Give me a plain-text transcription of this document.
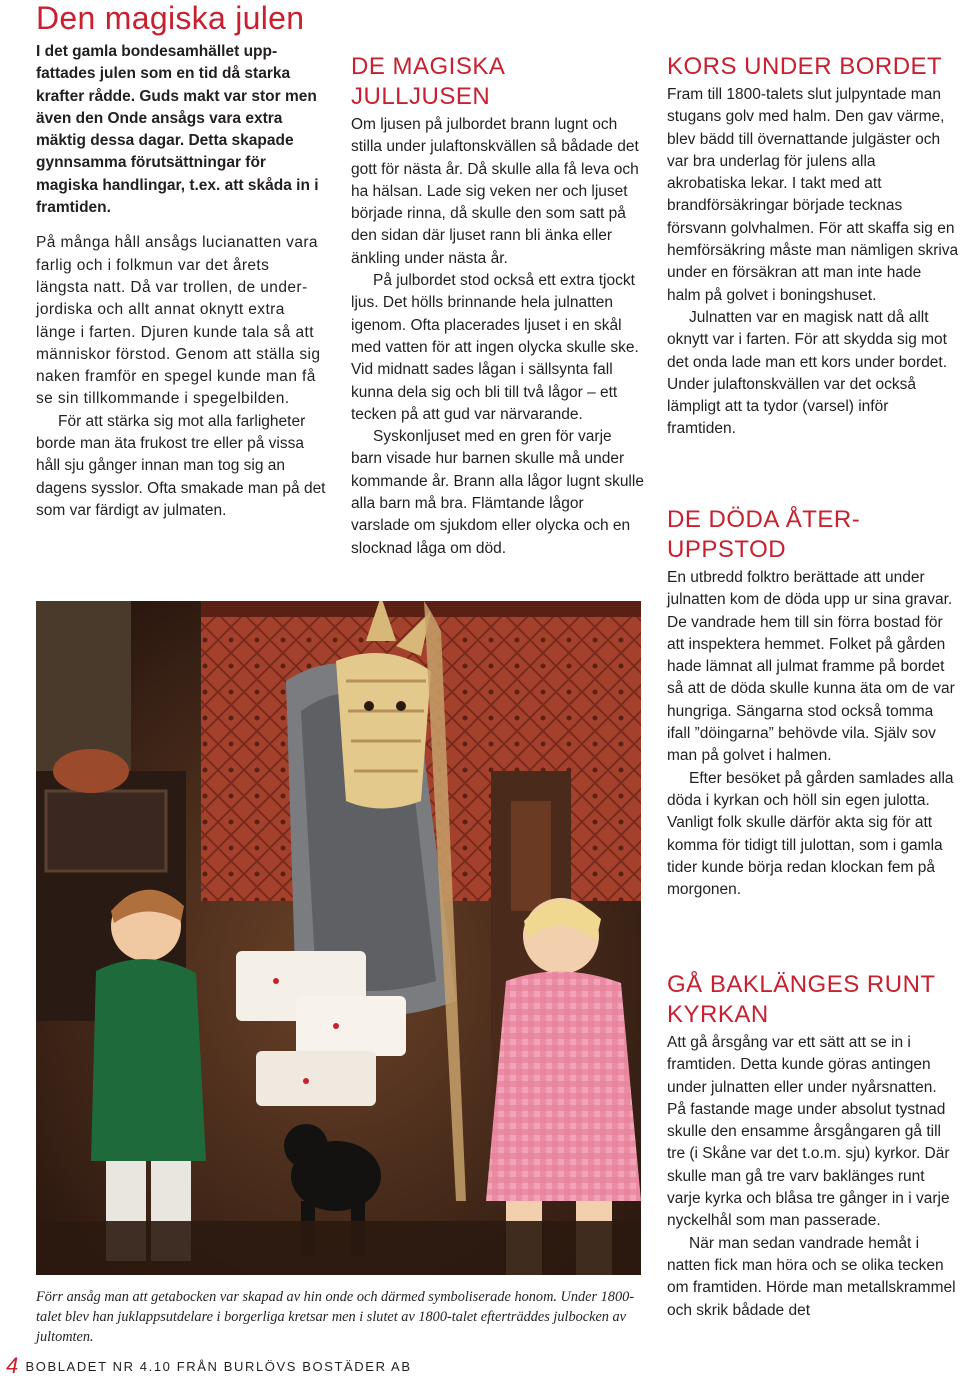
Den magiska julen

I det gamla bondesamhället uppfattades julen som en tid då starka krafter rådde. Guds makt var stor men även den Onde ansågs vara extra mäktig dessa dagar. Detta skapade gynnsamma förutsättningar för magiska handlingar, t.ex. att skåda in i framtiden.

På många håll ansågs lucianatten vara farlig och i folkmun var det årets längsta natt. Då var trollen, de underjordiska och allt annat oknytt extra länge i farten. Djuren kunde tala så att människor förstod. Genom att ställa sig naken framför en spegel kunde man få se sin tillkommande i spegelbilden.

För att stärka sig mot alla farligheter borde man äta frukost tre eller på vissa håll sju gånger innan man tog sig an dagens sysslor. Ofta smakade man på det som var färdigt av julmaten.

DE MAGISKA JULLJUSEN

Om ljusen på julbordet brann lugnt och stilla under julaftonskvällen så bådade det gott för nästa år. Då skulle alla få leva och ha hälsan. Lade sig veken ner och ljuset började rinna, då skulle den som satt på den sidan där ljuset rann bli änka eller änkling under nästa år.

På julbordet stod också ett extra tjockt ljus. Det hölls brinnande hela julnatten igenom. Ofta placerades ljuset i en skål med vatten för att ingen olycka skulle ske. Vid midnatt sades lågan i sällsynta fall kunna dela sig och bli till två lågor – ett tecken på att gud var närvarande.

Syskonljuset med en gren för varje barn visade hur barnen skulle må under kommande år. Brann alla lågor lugnt skulle alla barn må bra. Flämtande lågor varslade om sjukdom eller olycka och en slocknad låga om död.

KORS UNDER BORDET

Fram till 1800-talets slut julpyntade man stugans golv med halm. Den gav värme, blev bädd till övernattande julgäster och var bra underlag för julens alla akrobatiska lekar. I takt med att brandförsäkringar började tecknas försvann golvhalmen. För att skaffa sig en hemförsäkring måste man nämligen skriva under en försäkran att man inte hade halm på golvet i boningshuset.

Julnatten var en magisk natt då allt oknytt var i farten. För att skydda sig mot det onda lade man ett kors under bordet. Under julaftonskvällen var det också lämpligt att ta tydor (varsel) inför framtiden.

DE DÖDA ÅTERUPPSTOD

En utbredd folktro berättade att under julnatten kom de döda upp ur sina gravar. De vandrade hem till sin förra bostad för att inspektera hemmet. Folket på gården hade lämnat all julmat framme på bordet så att de döda skulle kunna äta om de var hungriga. Sängarna stod också tomma ifall ”döingarna” behövde vila. Själv sov man på golvet i halmen.

Efter besöket på gården samlades alla döda i kyrkan och höll sin egen julotta. Vanligt folk skulle därför akta sig för att komma för tidigt till julottan, som i gamla tider kunde börja redan klockan fem på morgonen.

GÅ BAKLÄNGES RUNT KYRKAN

Att gå årsgång var ett sätt att se in i framtiden. Detta kunde göras antingen under julnatten eller under nyårsnatten. På fastande mage under absolut tystnad skulle den ensamme årsgångaren gå till tre (i Skåne var det t.o.m. sju) kyrkor. Där skulle man gå tre varv baklänges runt varje kyrka och blåsa tre gånger in i varje nyckelhål som man passerade.

När man sedan vandrade hemåt i natten fick man höra och se olika tecken om framtiden. Hörde man metallskrammel och skrik bådade det

Förr ansåg man att getabocken var skapad av hin onde och därmed symboliserade honom. Under 1800-talet blev han juklappsutdelare i borgerliga kretsar men i slutet av 1800-talet efterträddes julbocken av jultomten.
4 BOBLADET NR 4.10 FRÅN BURLÖVS BOSTÄDER AB
